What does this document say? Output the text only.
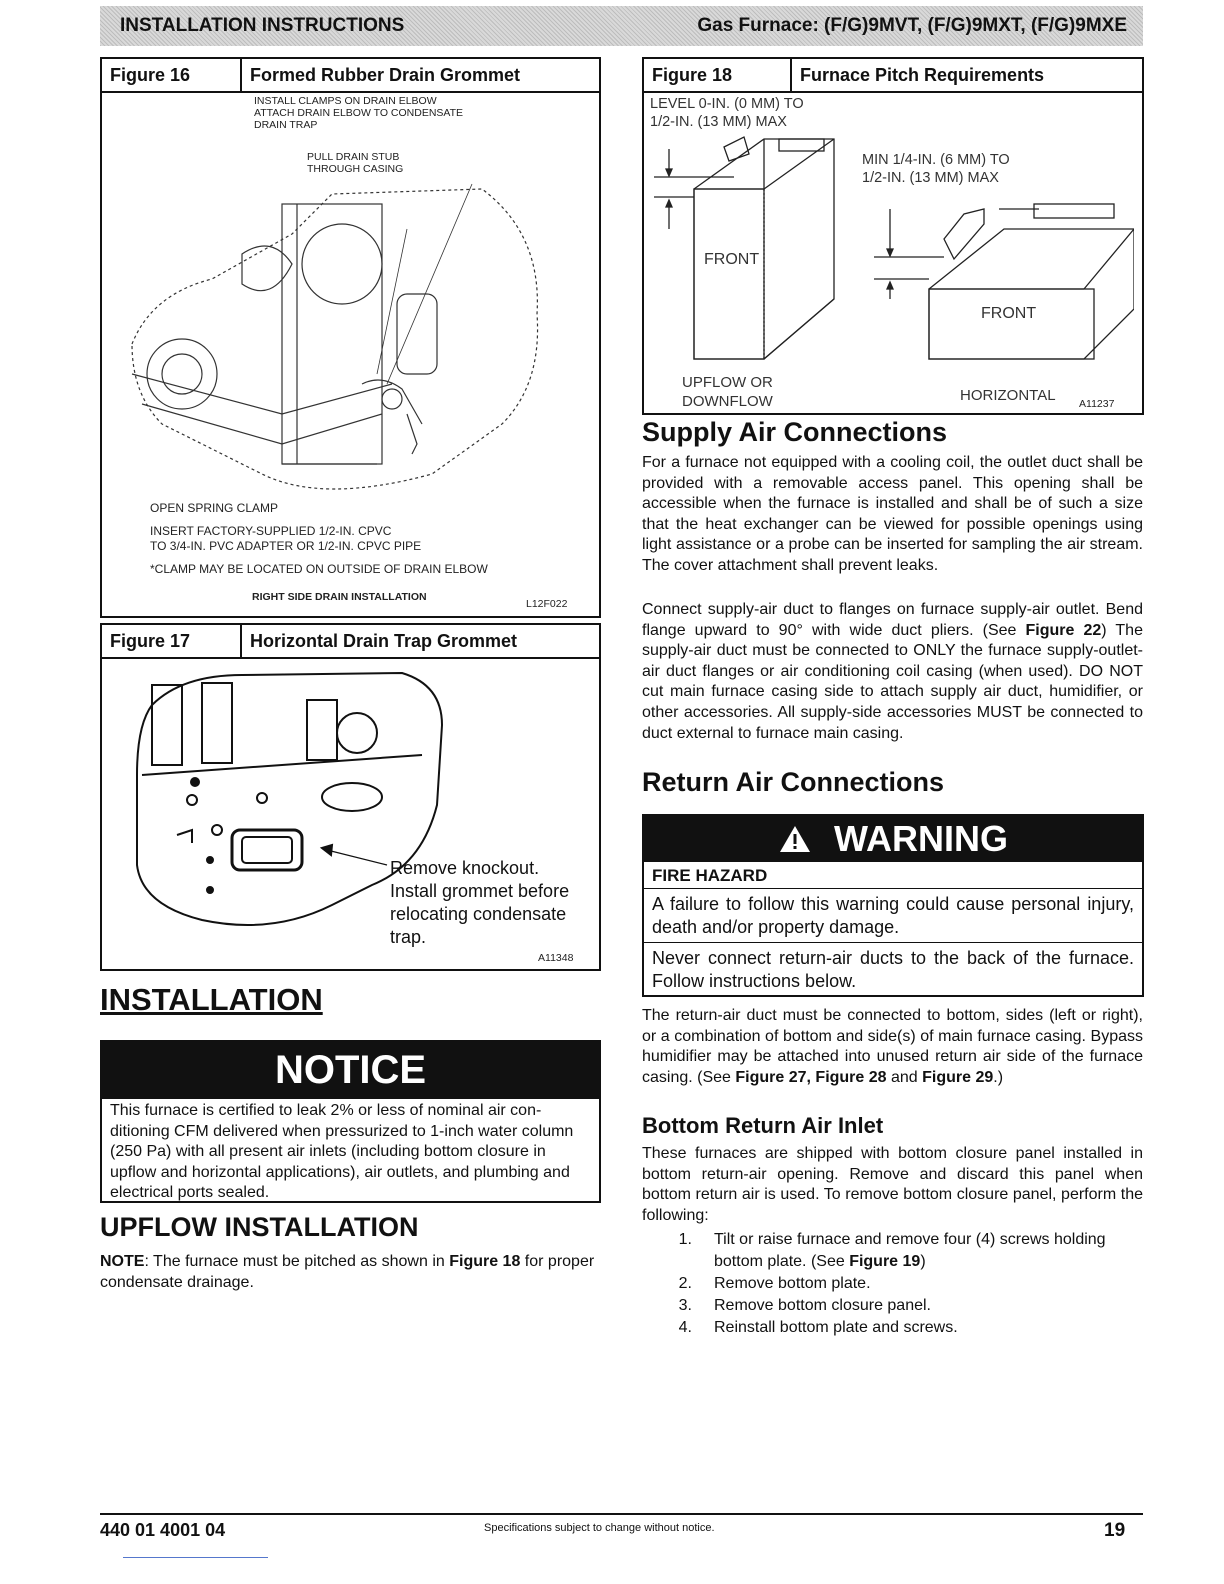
INSTALLATION INSTRUCTIONS	Gas Furnace: (F/G)9MVT, (F/G)9MXT, (F/G)9MXE
Figure 16	Formed Rubber Drain Grommet
INSTALL CLAMPS ON DRAIN ELBOW
ATTACH DRAIN ELBOW TO CONDENSATE
DRAIN TRAP
PULL DRAIN STUB
THROUGH CASING
OPEN SPRING CLAMP
INSERT FACTORY-SUPPLIED 1/2-IN. CPVC
TO 3/4-IN. PVC ADAPTER OR 1/2-IN. CPVC PIPE
*CLAMP MAY BE LOCATED ON OUTSIDE OF DRAIN ELBOW
RIGHT SIDE DRAIN INSTALLATION
L12F022
Figure 17	Horizontal Drain Trap Grommet
Remove knockout.
Install grommet before
relocating condensate
trap.
A11348
INSTALLATION
NOTICE
This furnace is certified to leak 2% or less of nominal air con-ditioning CFM delivered when pressurized to 1-inch water column (250 Pa) with all present air inlets (including bottom closure in upflow and horizontal applications), air outlets, and plumbing and electrical ports sealed.
UPFLOW INSTALLATION
NOTE: The furnace must be pitched as shown in Figure 18 for proper condensate drainage.
Figure 18	Furnace Pitch Requirements
LEVEL 0-IN. (0 MM) TO
1/2-IN. (13 MM) MAX
MIN 1/4-IN. (6 MM) TO
1/2-IN. (13 MM) MAX
FRONT
FRONT
UPFLOW OR
DOWNFLOW	HORIZONTAL A11237
Supply Air Connections
For a furnace not equipped with a cooling coil, the outlet duct shall be provided with a removable access panel. This opening shall be accessible when the furnace is installed and shall be of such a size that the heat exchanger can be viewed for possible openings using light assistance or a probe can be inserted for sampling the air stream. The cover attachment shall prevent leaks.
Connect supply-air duct to flanges on furnace supply-air outlet. Bend flange upward to 90° with wide duct pliers. (See Figure 22) The supply-air duct must be connected to ONLY the furnace supply-outlet-air duct flanges or air conditioning coil casing (when used). DO NOT cut main furnace casing side to attach supply air duct, humidifier, or other accessories. All supply-side accessories MUST be connected to duct external to furnace main casing.
Return Air Connections
WARNING
FIRE HAZARD
A failure to follow this warning could cause personal injury, death and/or property damage.
Never connect return-air ducts to the back of the furnace. Follow instructions below.
The return-air duct must be connected to bottom, sides (left or right), or a combination of bottom and side(s) of main furnace casing. Bypass humidifier may be attached into unused return air side of the furnace casing. (See Figure 27, Figure 28 and Figure 29.)
Bottom Return Air Inlet
These furnaces are shipped with bottom closure panel installed in bottom return-air opening. Remove and discard this panel when bottom return air is used. To remove bottom closure panel, perform the following:
1.	Tilt or raise furnace and remove four (4) screws holding bottom plate. (See Figure 19)
2.	Remove bottom plate.
3.	Remove bottom closure panel.
4.	Reinstall bottom plate and screws.
440 01 4001 04	Specifications subject to change without notice.	19
